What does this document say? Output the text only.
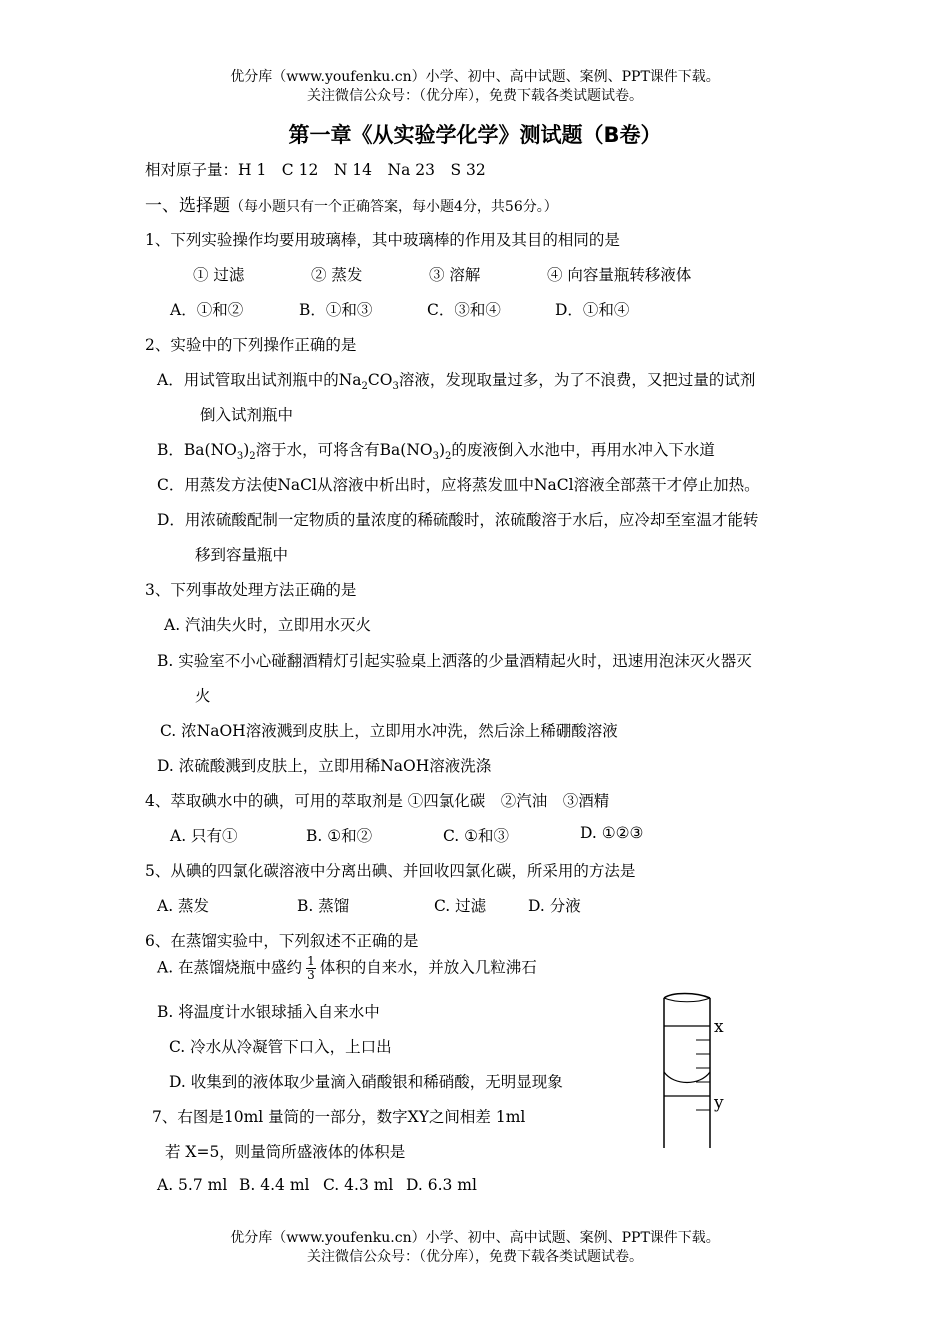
优分库（www.youfenku.cn）小学、初中、高中试题、案例、PPT课件下载。
关注微信公众号：（优分库），免费下载各类试题试卷。
第一章《从实验学化学》测试题（B卷）
相对原子量：H 1　C 12　N 14　Na 23　S 32
一、选择题（每小题只有一个正确答案，每小题4分，共56分。）
1、下列实验操作均要用玻璃棒，其中玻璃棒的作用及其目的相同的是
① 过滤	② 蒸发	③ 溶解	④ 向容量瓶转移液体
A．①和②	B．①和③	C．③和④	D．①和④
2、实验中的下列操作正确的是
A．用试管取出试剂瓶中的$Na_2CO_3$溶液，发现取量过多，为了不浪费，又把过量的试剂
倒入试剂瓶中
B．$Ba(NO_3)_2$溶于水，可将含有$Ba(NO_3)_2$的废液倒入水池中，再用水冲入下水道
C．用蒸发方法使NaCl从溶液中析出时，应将蒸发皿中NaCl溶液全部蒸干才停止加热。
D．用浓硫酸配制一定物质的量浓度的稀硫酸时，浓硫酸溶于水后，应冷却至室温才能转
移到容量瓶中
3、下列事故处理方法正确的是
A. 汽油失火时，立即用水灭火
B. 实验室不小心碰翻酒精灯引起实验桌上洒落的少量酒精起火时，迅速用泡沫灭火器灭
火
C. 浓NaOH溶液溅到皮肤上，立即用水冲洗，然后涂上稀硼酸溶液
D. 浓硫酸溅到皮肤上，立即用稀NaOH溶液洗涤
4、萃取碘水中的碘，可用的萃取剂是 ①四氯化碳　②汽油　③酒精
A. 只有①	B. ①和②	C. ①和③	D. ①②③
5、从碘的四氯化碳溶液中分离出碘、并回收四氯化碳，所采用的方法是
A. 蒸发	B. 蒸馏	C. 过滤	D. 分液
6、在蒸馏实验中，下列叙述不正确的是
A. 在蒸馏烧瓶中盛约 $\frac{1}{3}$ 体积的自来水，并放入几粒沸石
B. 将温度计水银球插入自来水中
C. 冷水从冷凝管下口入，上口出
D. 收集到的液体取少量滴入硝酸银和稀硝酸，无明显现象
7、右图是10ml 量筒的一部分，数字XY之间相差 1ml
若 X=5，则量筒所盛液体的体积是
A. 5.7 ml B. 4.4 ml C. 4.3 ml D. 6.3 ml
x
y
优分库（www.youfenku.cn）小学、初中、高中试题、案例、PPT课件下载。
关注微信公众号：（优分库），免费下载各类试题试卷。
